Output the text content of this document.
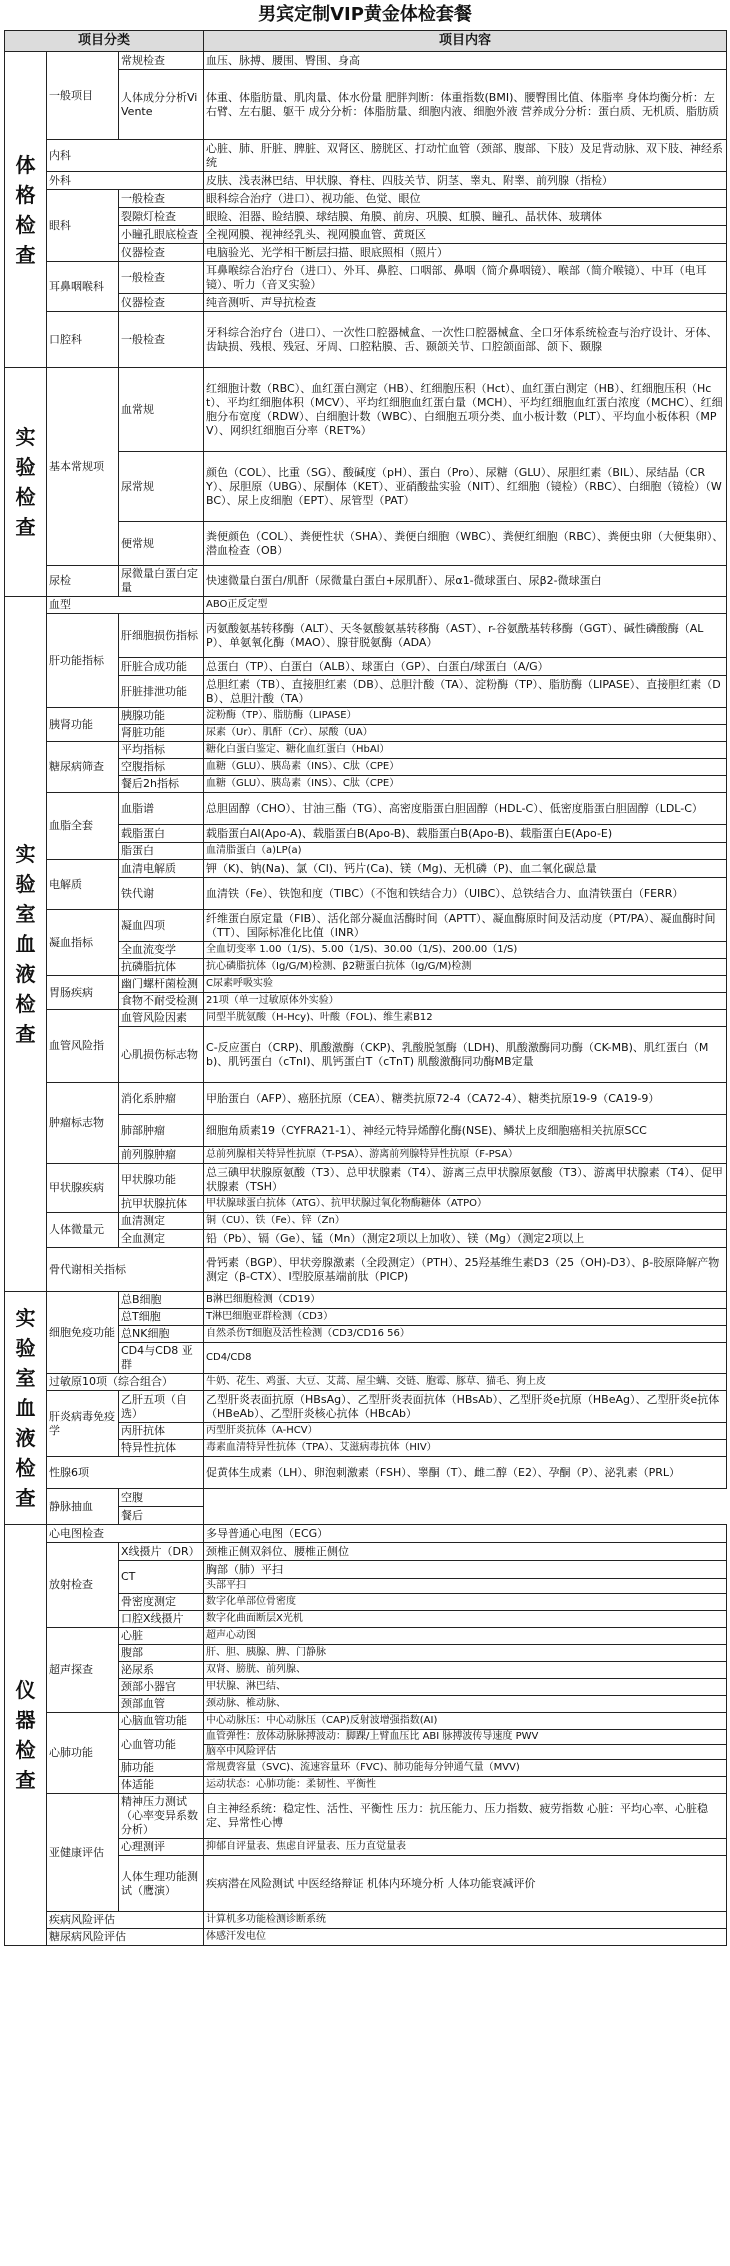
男宾定制VIP黄金体检套餐
项目分类			项目内容
体格检查	一般项目	常规检查	血压、脉搏、腰围、臀围、身高
		人体成分分析ViVente	体重、体脂肪量、肌肉量、体水份量 肥胖判断：体重指数(BMI)、腰臀围比值、体脂率 身体均衡分析：左右臂、左右腿、躯干 成分分析：体脂肪量、细胞内液、细胞外液 营养成分分析：蛋白质、无机质、脂肪质
	内科		心脏、肺、肝脏、脾脏、双肾区、膀胱区、打动忙血管（颈部、腹部、下肢）及足背动脉、双下肢、神经系统
	外科		皮肤、浅表淋巴结、甲状腺、脊柱、四肢关节、阴茎、睾丸、附睾、前列腺（指检）
	眼科	一般检查	眼科综合治疗（进口）、视功能、色觉、眼位
		裂隙灯检查	眼睑、泪器、睑结膜、球结膜、角膜、前房、巩膜、虹膜、瞳孔、晶状体、玻璃体
		小瞳孔眼底检查	全视网膜、视神经乳头、视网膜血管、黄斑区
		仪器检查	电脑验光、光学相干断层扫描、眼底照相（照片）
	耳鼻咽喉科	一般检查	耳鼻喉综合治疗台（进口）、外耳、鼻腔、口咽部、鼻咽（简介鼻咽镜）、喉部（简介喉镜）、中耳（电耳镜）、听力（音叉实验）
		仪器检查	纯音测听、声导抗检查
	口腔科	一般检查	牙科综合治疗台（进口）、一次性口腔器械盒、一次性口腔器械盒、全口牙体系统检查与治疗设计、牙体、齿缺损、残根、残冠、牙周、口腔粘膜、舌、颞颌关节、口腔颌面部、颌下、颞腺
实验检查	基本常规项	血常规	红细胞计数（RBC）、血红蛋白测定（HB）、红细胞压积（Hct）、血红蛋白测定（HB）、红细胞压积（Hct）、平均红细胞体积（MCV）、平均红细胞血红蛋白量（MCH）、平均红细胞血红蛋白浓度（MCHC）、红细胞分布宽度（RDW）、白细胞计数（WBC）、白细胞五项分类、血小板计数（PLT）、平均血小板体积（MPV）、网织红细胞百分率（RET%）
		尿常规	颜色（COL）、比重（SG）、酸碱度（pH）、蛋白（Pro）、尿糖（GLU）、尿胆红素（BIL）、尿结晶（CRY）、尿胆原（UBG）、尿酮体（KET）、亚硝酸盐实验（NIT）、红细胞（镜检）（RBC）、白细胞（镜检）（WBC）、尿上皮细胞（EPT）、尿管型（PAT）
		便常规	粪便颜色（COL）、粪便性状（SHA）、粪便白细胞（WBC）、粪便红细胞（RBC）、粪便虫卵（大便集卵）、潜血检查（OB）
	尿检	尿微量白蛋白定量	快速微量白蛋白/肌酐（尿微量白蛋白+尿肌酐）、尿α1-微球蛋白、尿β2-微球蛋白
实验室血液检查	血型		ABO正反定型
	肝功能指标	肝细胞损伤指标	丙氨酸氨基转移酶（ALT）、天冬氨酸氨基转移酶（AST）、r-谷氨酰基转移酶（GGT）、碱性磷酸酶（ALP）、单氨氧化酶（MAO）、腺苷脱氨酶（ADA）
		肝脏合成功能	总蛋白（TP）、白蛋白（ALB）、球蛋白（GP）、白蛋白/球蛋白（A/G）
		肝脏排泄功能	总胆红素（TB）、直接胆红素（DB）、总胆汁酸（TA）、淀粉酶（TP）、脂肪酶（LIPASE）、直接胆红素（DB）、总胆汁酸（TA）
	胰肾功能	胰腺功能	淀粉酶（TP）、脂肪酶（LIPASE）
		肾脏功能	尿素（Ur）、肌酐（Cr）、尿酸（UA）
	糖尿病筛查	平均指标	糖化白蛋白鉴定、糖化血红蛋白（HbAl）
		空腹指标	血糖（GLU）、胰岛素（INS）、C肽（CPE）
		餐后2h指标	血糖（GLU）、胰岛素（INS）、C肽（CPE）
	血脂全套	血脂谱	总胆固醇（CHO）、甘油三酯（TG）、高密度脂蛋白胆固醇（HDL-C）、低密度脂蛋白胆固醇（LDL-C）
		载脂蛋白	载脂蛋白Al(Apo-A)、载脂蛋白B(Apo-B)、载脂蛋白B(Apo-B)、载脂蛋白E(Apo-E)
		脂蛋白	血清脂蛋白（a)LP(a)
	电解质	血清电解质	钾（K)、钠(Na)、氯（Cl)、钙片(Ca)、镁（Mg)、无机磷（P)、血二氧化碳总量
		铁代谢	血清铁（Fe）、铁饱和度（TIBC）（不饱和铁结合力）（UIBC）、总铁结合力、血清铁蛋白（FERR）
	凝血指标	凝血四项	纤维蛋白原定量（FIB）、活化部分凝血活酶时间（APTT）、凝血酶原时间及活动度（PT/PA）、凝血酶时间（TT）、国际标准化比值（INR）
		全血流变学	全血切变率 1.00（1/S)、5.00（1/S)、30.00（1/S)、200.00（1/S)
		抗磷脂抗体	抗心磷脂抗体（Ig/G/M)检测、β2糖蛋白抗体（Ig/G/M)检测
	胃肠疾病	幽门螺杆菌检测	C尿素呼吸实验
		食物不耐受检测	21项（单一过敏原体外实验）
	血管风险指	血管风险因素	同型半胱氨酸（H-Hcy)、叶酸（FOL)、维生素B12
		心肌损伤标志物	C-反应蛋白（CRP)、肌酸激酶（CKP)、乳酸脱氢酶（LDH)、肌酸激酶同功酶（CK-MB)、肌红蛋白（Mb)、肌钙蛋白（cTnI)、肌钙蛋白T（cTnT) 肌酸激酶同功酶MB定量
	肿瘤标志物	消化系肿瘤	甲胎蛋白（AFP）、癌胚抗原（CEA）、糖类抗原72-4（CA72-4）、糖类抗原19-9（CA19-9）
		肺部肿瘤	细胞角质素19（CYFRA21-1）、神经元特异烯醇化酶(NSE)、鳞状上皮细胞癌相关抗原SCC
		前列腺肿瘤	总前列腺相关特异性抗原（T-PSA）、游离前列腺特异性抗原（F-PSA）
	甲状腺疾病	甲状腺功能	总三碘甲状腺原氨酸（T3）、总甲状腺素（T4）、游离三点甲状腺原氨酸（T3）、游离甲状腺素（T4）、促甲状腺素（TSH）
		抗甲状腺抗体	甲状腺球蛋白抗体（ATG）、抗甲状腺过氧化物酶糖体（ATPO）
	人体微量元	血清测定	铜（CU）、铁（Fe）、锌（Zn）
		全血测定	铅（Pb）、镉（Ge）、锰（Mn）（测定2项以上加收）、镁（Mg）（测定2项以上
	骨代谢相关指标		骨钙素（BGP）、甲状旁腺激素（全段测定）（PTH）、25羟基维生素D3（25（OH)-D3）、β-胶原降解产物测定（β-CTX）、Ⅰ型胶原基端前肽（PICP)
实验室血液检查	细胞免疫功能	总B细胞	B淋巴细胞检测（CD19）
		总T细胞	T淋巴细胞亚群检测（CD3）
		总NK细胞	自然杀伤T细胞及活性检测（CD3/CD16 56）
		CD4与CD8 亚群	CD4/CD8
	过敏原10项（综合组合）		牛奶、花生、鸡蛋、大豆、艾蒿、屋尘螨、交链、胞霉、豚草、猫毛、狗上皮
	肝炎病毒免疫学	乙肝五项（自选）	乙型肝炎表面抗原（HBsAg）、乙型肝炎表面抗体（HBsAb）、乙型肝炎e抗原（HBeAg）、乙型肝炎e抗体（HBeAb）、乙型肝炎核心抗体（HBcAb）
		丙肝抗体	丙型肝炎抗体（A-HCV）
		特异性抗体	毒素血清特异性抗体（TPA）、艾滋病毒抗体（HIV）
	性腺6项		促黄体生成素（LH）、卵泡刺激素（FSH）、睾酮（T）、雌二醇（E2）、孕酮（P）、泌乳素（PRL）
	静脉抽血	空腹	
		餐后	
仪器检查	心电图检查		多导普通心电图（ECG）
	放射检查	X线摄片（DR）	颈椎正侧双斜位、腰椎正侧位
		CT	胸部（肺）平扫
			头部平扫
		骨密度测定	数字化单部位骨密度
		口腔X线摄片	数字化曲面断层X光机
	超声探查	心脏	超声心动图
		腹部	肝、胆、胰腺、脾、门静脉
		泌尿系	双肾、膀胱、前列腺、
		颈部小器官	甲状腺、淋巴结、
		颈部血管	颈动脉、椎动脉、
	心肺功能	心脑血管功能	中心动脉压：中心动脉压（CAP)反射波增强指数(AI)
		心血管功能	血管弹性：放体动脉脉搏波动：脚踝/上臂血压比 ABI 脉搏波传导速度 PWV
			脑卒中风险评估
		肺功能	常规费容量（SVC)、流速容量环（FVC)、肺功能每分钟通气量（MVV)
		体适能	运动状态：心肺功能：柔韧性、平衡性
	亚健康评估	精神压力测试（心率变异系数分析）	自主神经系统：稳定性、活性、平衡性 压力：抗压能力、压力指数、疲劳指数 心脏：平均心率、心脏稳定、异常性心博
		心理测评	抑郁自评量表、焦虑自评量表、压力直觉量表
		人体生理功能测试（鹰演）	疾病潜在风险测试 中医经络辩证 机体内环境分析 人体功能衰减评价
	疾病风险评估		计算机多功能检测诊断系统
	糖尿病风险评估		体感汗发电位
